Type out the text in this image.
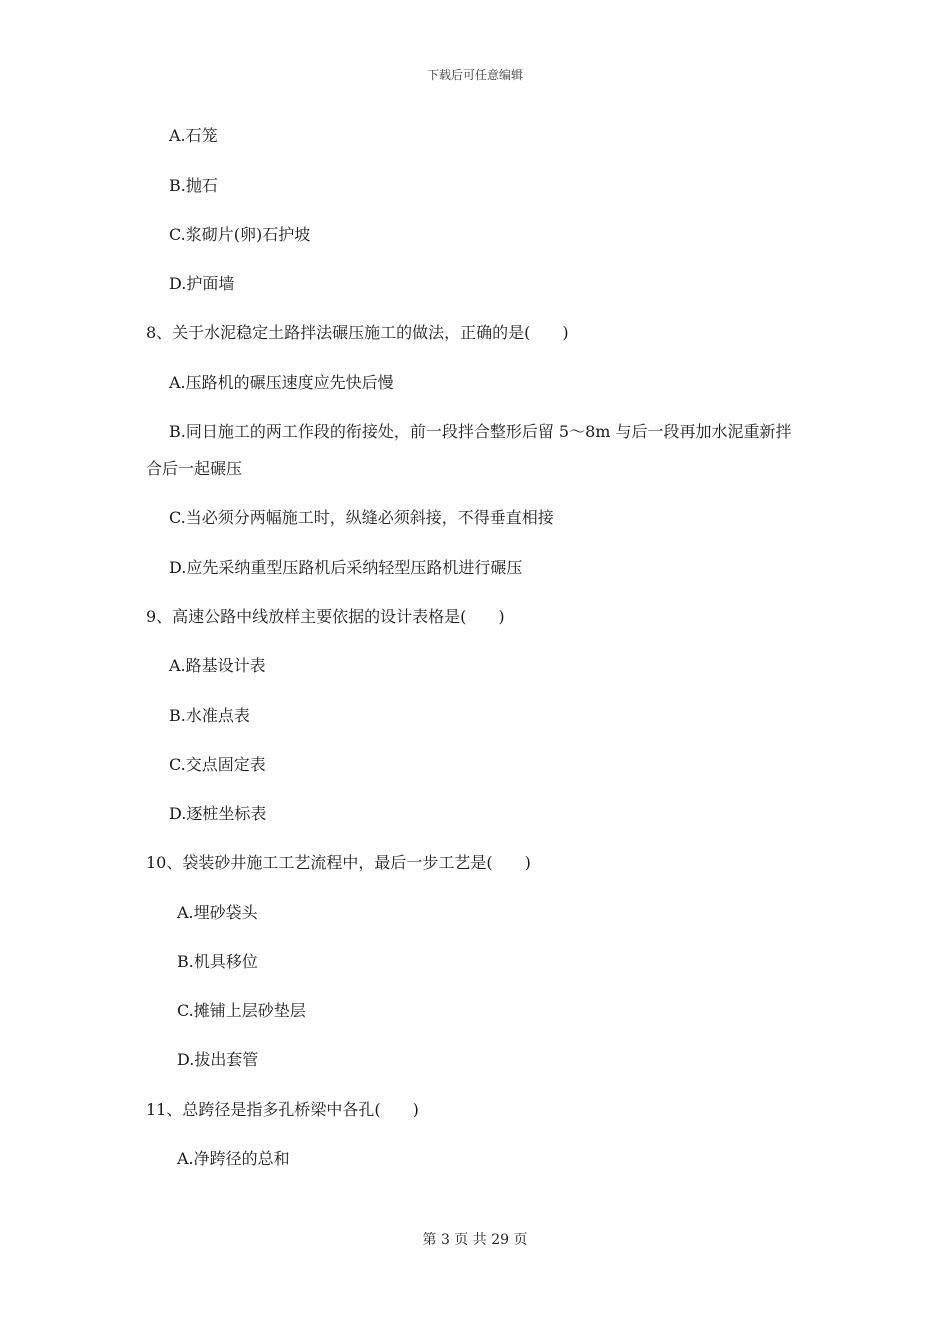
下载后可任意编辑
A.石笼
B.抛石
C.浆砌片(卵)石护坡
D.护面墙
8、关于水泥稳定土路拌法碾压施工的做法，正确的是(　　)
A.压路机的碾压速度应先快后慢
B.同日施工的两工作段的衔接处，前一段拌合整形后留 5～8m 与后一段再加水泥重新拌
合后一起碾压
C.当必须分两幅施工时，纵缝必须斜接，不得垂直相接
D.应先采纳重型压路机后采纳轻型压路机进行碾压
9、高速公路中线放样主要依据的设计表格是(　　)
A.路基设计表
B.水准点表
C.交点固定表
D.逐桩坐标表
10、袋装砂井施工工艺流程中，最后一步工艺是(　　)
A.埋砂袋头
B.机具移位
C.摊铺上层砂垫层
D.拔出套管
11、总跨径是指多孔桥梁中各孔(　　)
A.净跨径的总和
第 3 页 共 29 页
